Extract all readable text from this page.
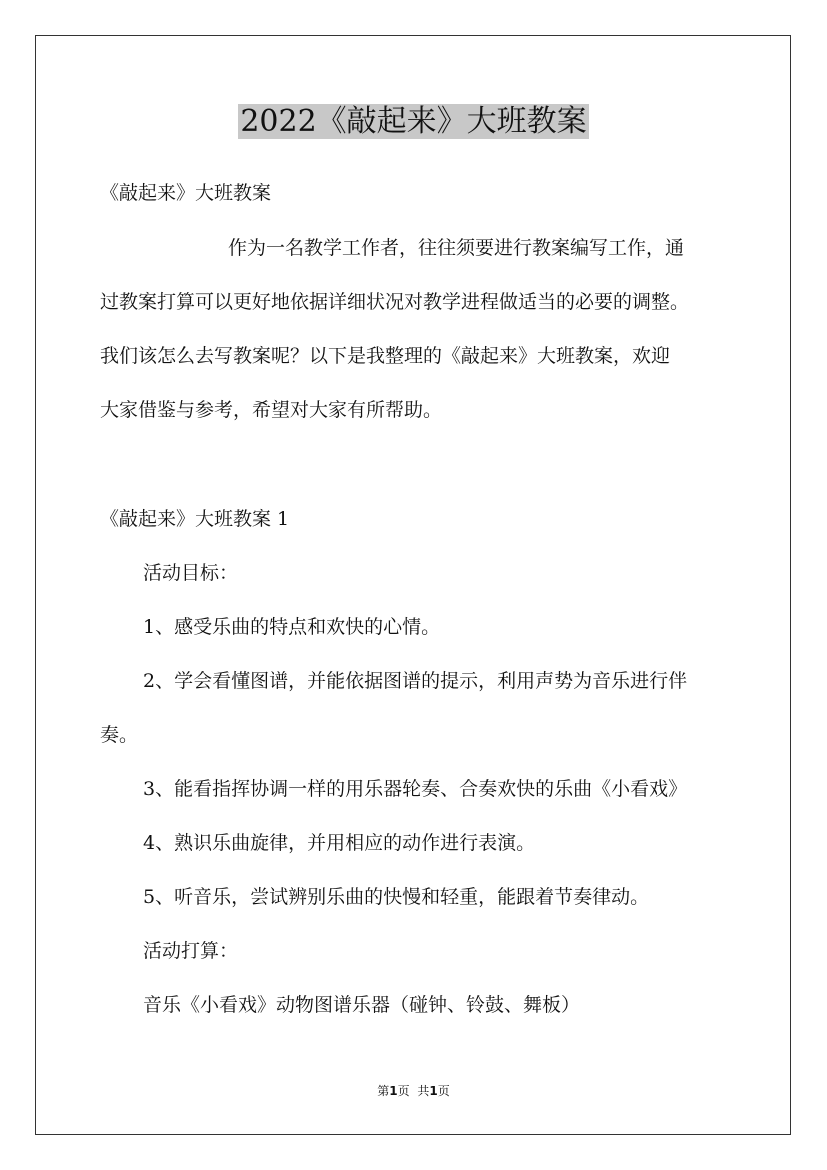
2022《敲起来》大班教案

《敲起来》大班教案

作为一名教学工作者，往往须要进行教案编写工作，通

过教案打算可以更好地依据详细状况对教学进程做适当的必要的调整。

我们该怎么去写教案呢？以下是我整理的《敲起来》大班教案，欢迎

大家借鉴与参考，希望对大家有所帮助。

《敲起来》大班教案 1

活动目标：

1、感受乐曲的特点和欢快的心情。

2、学会看懂图谱，并能依据图谱的提示，利用声势为音乐进行伴

奏。

3、能看指挥协调一样的用乐器轮奏、合奏欢快的乐曲《小看戏》

4、熟识乐曲旋律，并用相应的动作进行表演。

5、听音乐，尝试辨别乐曲的快慢和轻重，能跟着节奏律动。

活动打算：

音乐《小看戏》动物图谱乐器（碰钟、铃鼓、舞板）

第1页 共1页
